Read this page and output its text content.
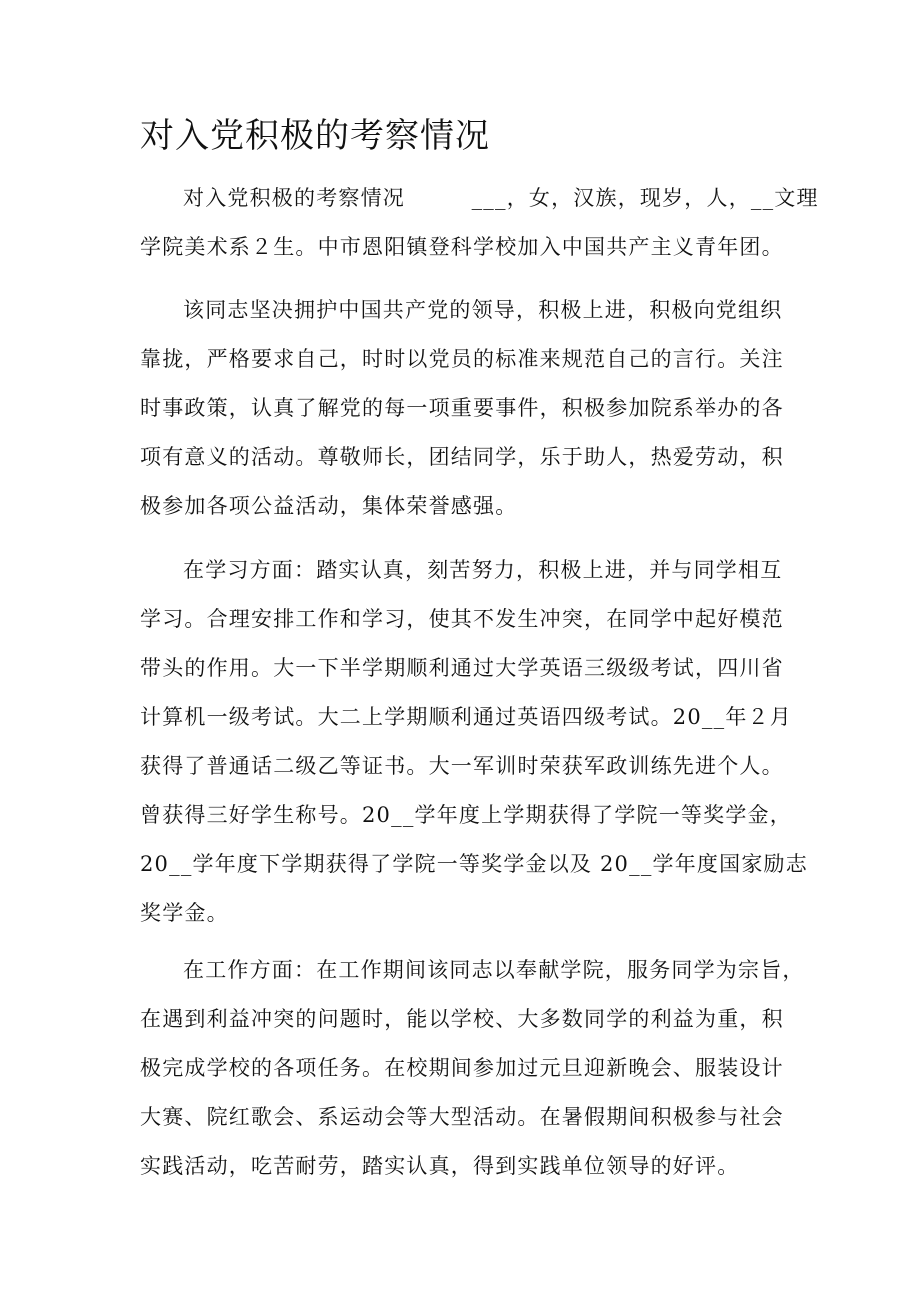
对入党积极的考察情况
对入党积极的考察情况　　　___，女，汉族，现岁，人，__文理
学院美术系２生。中市恩阳镇登科学校加入中国共产主义青年团。
该同志坚决拥护中国共产党的领导，积极上进，积极向党组织
靠拢，严格要求自己，时时以党员的标准来规范自己的言行。关注
时事政策，认真了解党的每一项重要事件，积极参加院系举办的各
项有意义的活动。尊敬师长，团结同学，乐于助人，热爱劳动，积
极参加各项公益活动，集体荣誉感强。
在学习方面：踏实认真，刻苦努力，积极上进，并与同学相互
学习。合理安排工作和学习，使其不发生冲突，在同学中起好模范
带头的作用。大一下半学期顺利通过大学英语三级级考试，四川省
计算机一级考试。大二上学期顺利通过英语四级考试。20__年２月
获得了普通话二级乙等证书。大一军训时荣获军政训练先进个人。
曾获得三好学生称号。20__学年度上学期获得了学院一等奖学金，
20__学年度下学期获得了学院一等奖学金以及 20__学年度国家励志
奖学金。
在工作方面：在工作期间该同志以奉献学院，服务同学为宗旨，
在遇到利益冲突的问题时，能以学校、大多数同学的利益为重，积
极完成学校的各项任务。在校期间参加过元旦迎新晚会、服装设计
大赛、院红歌会、系运动会等大型活动。在暑假期间积极参与社会
实践活动，吃苦耐劳，踏实认真，得到实践单位领导的好评。
